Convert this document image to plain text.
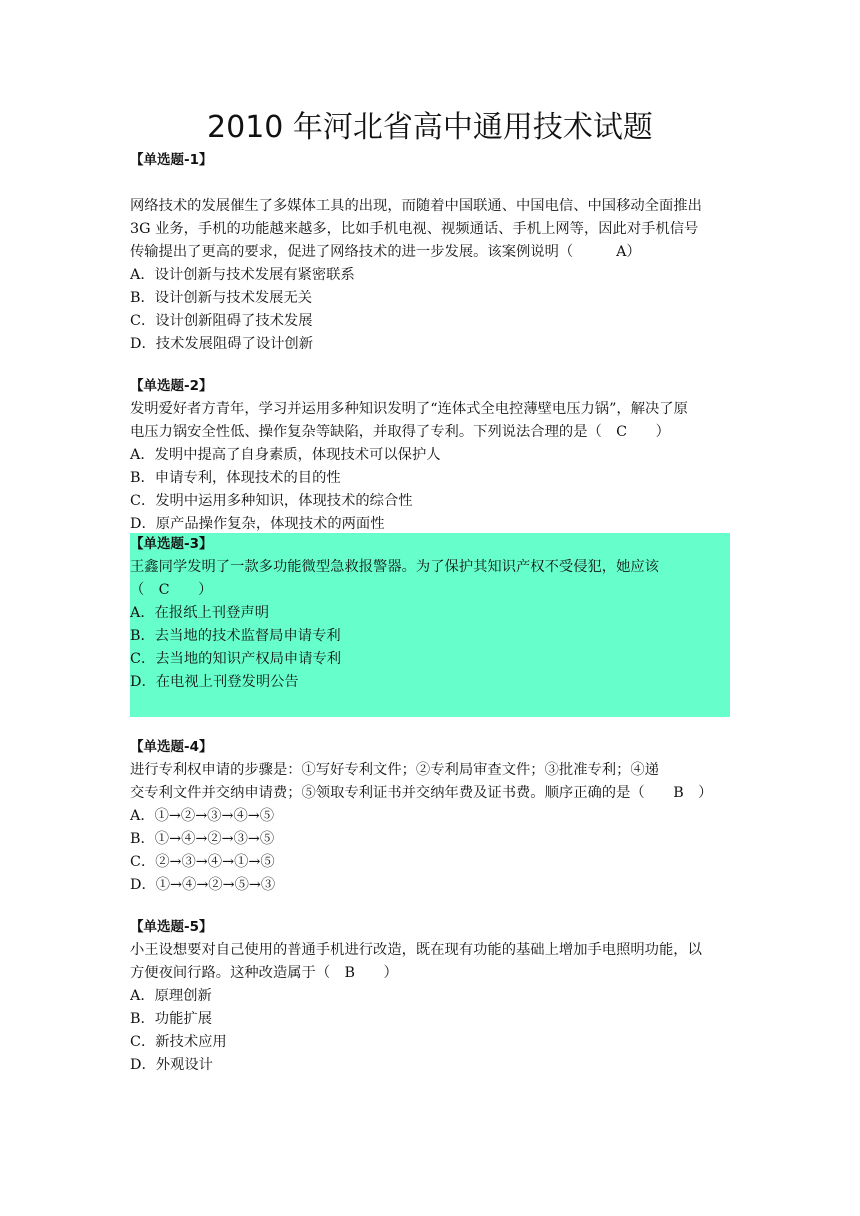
2010 年河北省高中通用技术试题
【单选题-1】
网络技术的发展催生了多媒体工具的出现，而随着中国联通、中国电信、中国移动全面推出
3G 业务，手机的功能越来越多，比如手机电视、视频通话、手机上网等，因此对手机信号
传输提出了更高的要求，促进了网络技术的进一步发展。该案例说明（　　　A）
A．设计创新与技术发展有紧密联系
B．设计创新与技术发展无关
C．设计创新阻碍了技术发展
D．技术发展阻碍了设计创新
【单选题-2】
发明爱好者方青年，学习并运用多种知识发明了“连体式全电控薄壁电压力锅”，解决了原
电压力锅安全性低、操作复杂等缺陷，并取得了专利。下列说法合理的是（　C　　）
A．发明中提高了自身素质，体现技术可以保护人
B．申请专利，体现技术的目的性
C．发明中运用多种知识，体现技术的综合性
D．原产品操作复杂，体现技术的两面性
【单选题-3】
王鑫同学发明了一款多功能微型急救报警器。为了保护其知识产权不受侵犯，她应该
（　C　　）
A．在报纸上刊登声明
B．去当地的技术监督局申请专利
C．去当地的知识产权局申请专利
D．在电视上刊登发明公告
【单选题-4】
进行专利权申请的步骤是：①写好专利文件；②专利局审查文件；③批准专利；④递
交专利文件并交纳申请费；⑤领取专利证书并交纳年费及证书费。顺序正确的是（　　B　）
A．①→②→③→④→⑤
B．①→④→②→③→⑤
C．②→③→④→①→⑤
D．①→④→②→⑤→③
【单选题-5】
小王设想要对自己使用的普通手机进行改造，既在现有功能的基础上增加手电照明功能，以
方便夜间行路。这种改造属于（　B　　）
A．原理创新
B．功能扩展
C．新技术应用
D．外观设计
